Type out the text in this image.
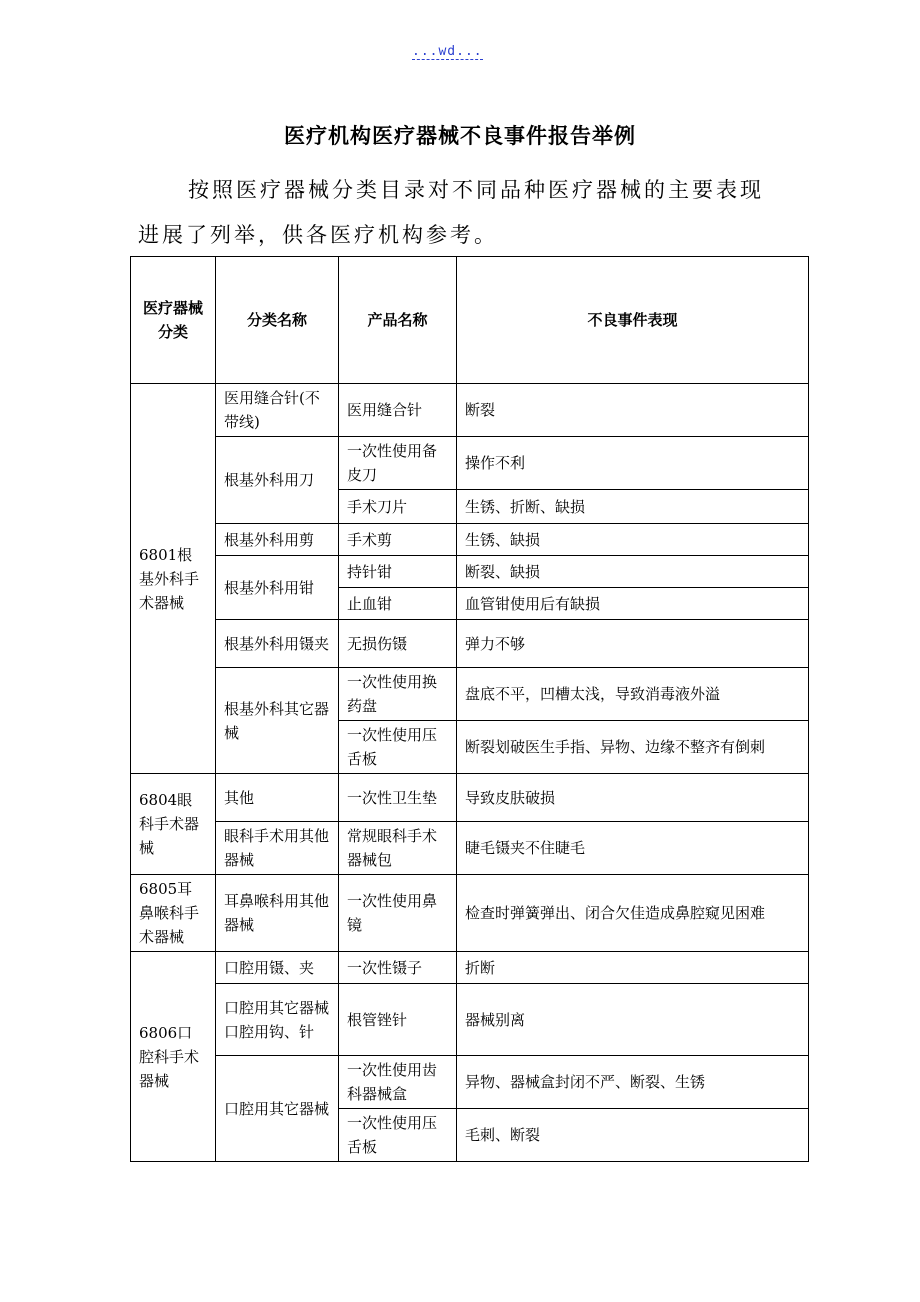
...wd...
医疗机构医疗器械不良事件报告举例
按照医疗器械分类目录对不同品种医疗器械的主要表现进展了列举，供各医疗机构参考。
医疗器械分类	分类名称	产品名称	不良事件表现
6801根基外科手术器械	医用缝合针(不带线)	医用缝合针	断裂
	根基外科用刀	一次性使用备皮刀	操作不利
		手术刀片	生锈、折断、缺损
	根基外科用剪	手术剪	生锈、缺损
	根基外科用钳	持针钳	断裂、缺损
		止血钳	血管钳使用后有缺损
	根基外科用镊夹	无损伤镊	弹力不够
	根基外科其它器械	一次性使用换药盘	盘底不平，凹槽太浅，导致消毒液外溢
		一次性使用压舌板	断裂划破医生手指、异物、边缘不整齐有倒刺
6804眼科手术器械	其他	一次性卫生垫	导致皮肤破损
	眼科手术用其他器械	常规眼科手术器械包	睫毛镊夹不住睫毛
6805耳鼻喉科手术器械	耳鼻喉科用其他器械	一次性使用鼻镜	检查时弹簧弹出、闭合欠佳造成鼻腔窥见困难
6806口腔科手术器械	口腔用镊、夹	一次性镊子	折断
	口腔用其它器械口腔用钩、针	根管锉针	器械别离
	口腔用其它器械	一次性使用齿科器械盒	异物、器械盒封闭不严、断裂、生锈
		一次性使用压舌板	毛刺、断裂
